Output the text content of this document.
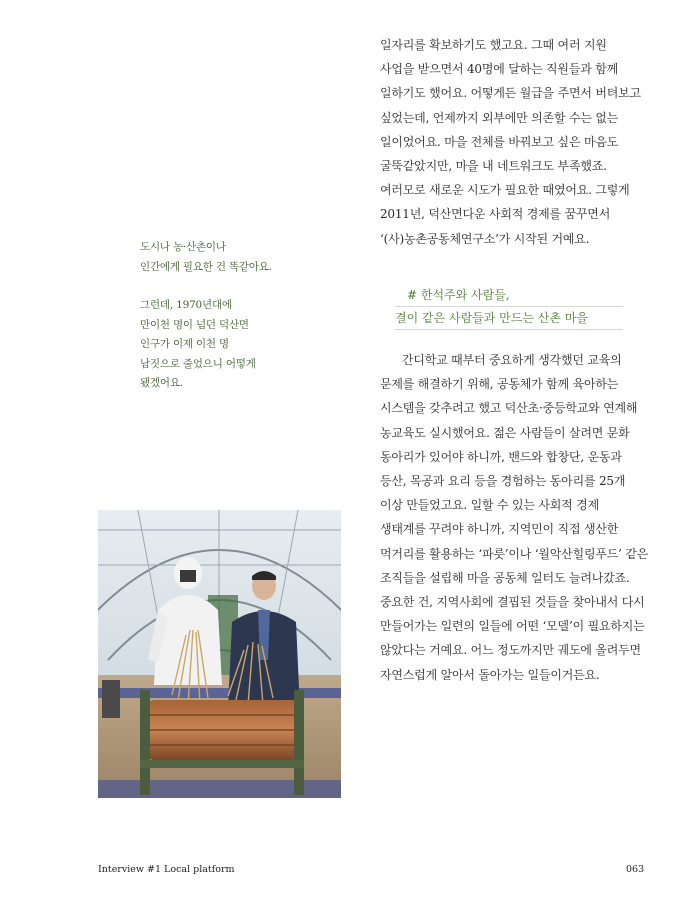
일자리를 확보하기도 했고요. 그때 여러 지원
사업을 받으면서 40명에 달하는 직원들과 함께
일하기도 했어요. 어떻게든 월급을 주면서 버텨보고
싶었는데, 언제까지 외부에만 의존할 수는 없는
일이었어요. 마을 전체를 바꿔보고 싶은 마음도
굴뚝같았지만, 마을 내 네트워크도 부족했죠.
여러모로 새로운 시도가 필요한 때였어요. 그렇게
2011년, 덕산면다운 사회적 경제를 꿈꾸면서
‘(사)농촌공동체연구소’가 시작된 거예요.

도시나 농·산촌이나
인간에게 필요한 건 똑같아요.
그런데, 1970년대에
만이천 명이 넘던 덕산면
인구가 이제 이천 명
남짓으로 줄었으니 어떻게
됐겠어요.
# 한석주와 사람들,
결이 같은 사람들과 만드는 산촌 마을

간디학교 때부터 중요하게 생각했던 교육의
문제를 해결하기 위해, 공동체가 함께 육아하는
시스템을 갖추려고 했고 덕산초·중등학교와 연계해
농교육도 실시했어요. 젊은 사람들이 살려면 문화
동아리가 있어야 하니까, 밴드와 합창단, 운동과
등산, 목공과 요리 등을 경험하는 동아리를 25개
이상 만들었고요. 일할 수 있는 사회적 경제
생태계를 꾸려야 하니까, 지역민이 직접 생산한
먹거리를 활용하는 ‘파릇’이나 ‘월악산힐링푸드’ 같은
조직들을 설립해 마을 공동체 일터도 늘려나갔죠.
중요한 건, 지역사회에 결핍된 것들을 찾아내서 다시
만들어가는 일련의 일들에 어떤 ‘모델’이 필요하지는
않았다는 거예요. 어느 정도까지만 궤도에 올려두면
자연스럽게 알아서 돌아가는 일들이거든요.

Interview #1 Local platform	063
